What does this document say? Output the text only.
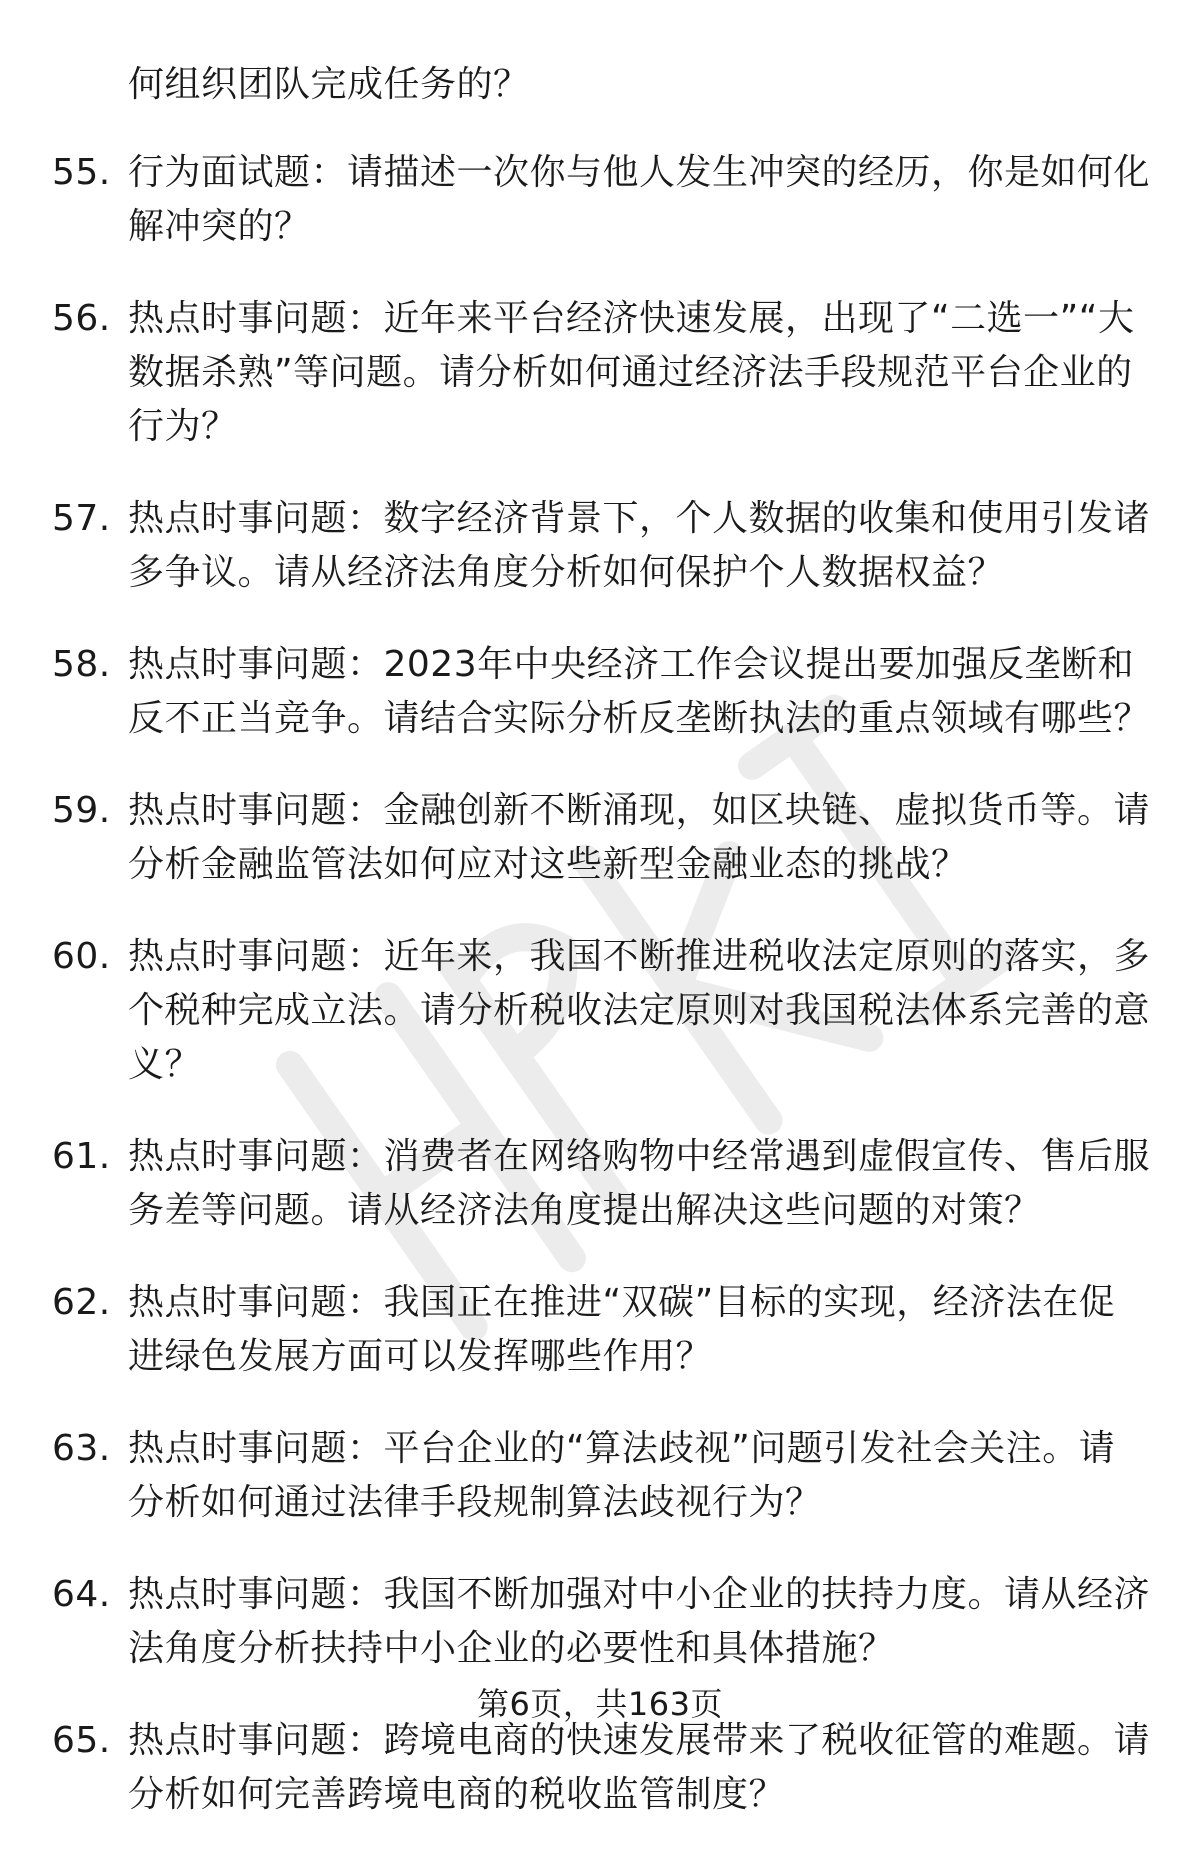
何组织团队完成任务的？
55. 行为面试题：请描述一次你与他人发生冲突的经历，你是如何化解冲突的？
56. 热点时事问题：近年来平台经济快速发展，出现了“二选一”“大数据杀熟”等问题。请分析如何通过经济法手段规范平台企业的行为？
57. 热点时事问题：数字经济背景下，个人数据的收集和使用引发诸多争议。请从经济法角度分析如何保护个人数据权益？
58. 热点时事问题：2023年中央经济工作会议提出要加强反垄断和反不正当竞争。请结合实际分析反垄断执法的重点领域有哪些？
59. 热点时事问题：金融创新不断涌现，如区块链、虚拟货币等。请分析金融监管法如何应对这些新型金融业态的挑战？
60. 热点时事问题：近年来，我国不断推进税收法定原则的落实，多个税种完成立法。请分析税收法定原则对我国税法体系完善的意义？
61. 热点时事问题：消费者在网络购物中经常遇到虚假宣传、售后服务差等问题。请从经济法角度提出解决这些问题的对策？
62. 热点时事问题：我国正在推进“双碳”目标的实现，经济法在促进绿色发展方面可以发挥哪些作用？
63. 热点时事问题：平台企业的“算法歧视”问题引发社会关注。请分析如何通过法律手段规制算法歧视行为？
64. 热点时事问题：我国不断加强对中小企业的扶持力度。请从经济法角度分析扶持中小企业的必要性和具体措施？
65. 热点时事问题：跨境电商的快速发展带来了税收征管的难题。请分析如何完善跨境电商的税收监管制度？
第6页，共163页
